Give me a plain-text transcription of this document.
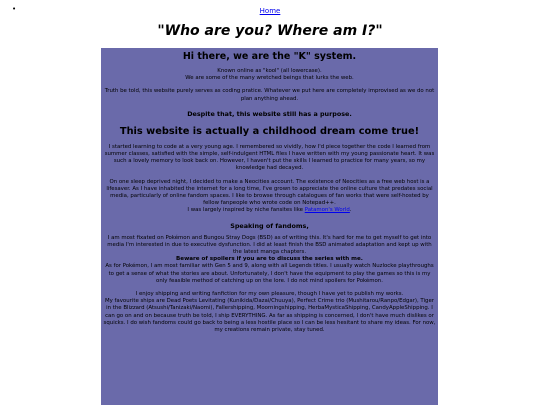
•	Home
"Who are you? Where am I?"
Hi there, we are the "K" system.

Known online as "kool" (all lowercase).
We are some of the many wretched beings that lurks the web.

Truth be told, this website purely serves as coding pratice. Whatever we put here are completely improvised as we do not plan anything ahead.

Despite that, this website still has a purpose.
This website is actually a childhood dream come true!

I started learning to code at a very young age. I remembered so vividly, how I'd piece together the code I learned from summer classes, satisfied with the simple, self-indulgent HTML files I have written with my young passionate heart. It was such a lovely memory to look back on. However, I haven't put the skills I learned to practice for many years, so my knowledge had decayed.

On one sleep deprived night, I decided to make a Neocities account. The existence of Neocities as a free web host is a lifesaver. As I have inhabited the internet for a long time, I've grown to appreciate the online culture that predates social media, particularly of online fandom spaces. I like to browse through catalogues of fan works that were self-hosted by fellow fanpeople who wrote code on Notepad++.

I was largely inspired by niche fansites like Patamon's World.

Speaking of fandoms,

I am most fixated on Pokémon and Bungou Stray Dogs (BSD) as of writing this. It's hard for me to get myself to get into media I'm interested in due to executive dysfunction. I did at least finish the BSD animated adaptation and kept up with the latest manga chapters.

Beware of spoilers if you are to discuss the series with me.

As for Pokémon, I am most familiar with Gen 5 and 9, along with all Legends titles. I usually watch Nuzlocke playthroughs to get a sense of what the stories are about. Unfortunately, I don't have the equipment to play the games so this is my only feasible method of catching up on the lore. I do not mind spoilers for Pokémon.

I enjoy shipping and writing fanfiction for my own pleasure, though I have yet to publish my works.

My favourite ships are Dead Poets Levitating (Kunikida/Dazai/Chuuya), Perfect Crime trio (Mushitarou/Ranpo/Edgar), Tiger in the Blizzard (Atsushi/Tanizaki/Naomi), Fallershipping, Moorningshipping, HerbaMysticaShipping, CandyAppleShipping. I can go on and on because truth be told, I ship EVERYTHING. As far as shipping is concerned, I don't have much dislikes or squicks. I do wish fandoms could go back to being a less hostile place so I can be less hesitant to share my ideas. For now, my creations remain private, stay tuned.
